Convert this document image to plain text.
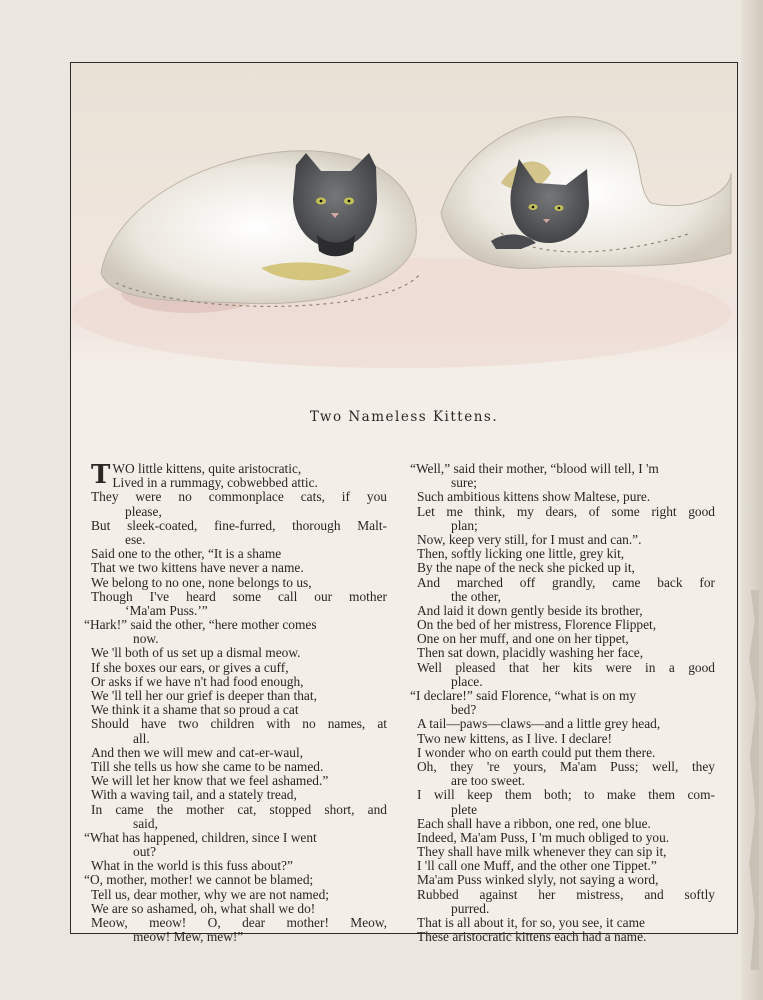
Two Nameless Kittens.
TWO little kittens, quite aristocratic,
Lived in a rummagy, cobwebbed attic.
They were no commonplace cats, if you
please,
But sleek-coated, fine-furred, thorough Malt-
ese.
Said one to the other, “It is a shame
That we two kittens have never a name.
We belong to no one, none belongs to us,
Though I've heard some call our mother
‘Ma'am Puss.’”
“Hark!” said the other, “here mother comes
now.
We 'll both of us set up a dismal meow.
If she boxes our ears, or gives a cuff,
Or asks if we have n't had food enough,
We 'll tell her our grief is deeper than that,
We think it a shame that so proud a cat
Should have two children with no names, at
all.
And then we will mew and cat-er-waul,
Till she tells us how she came to be named.
We will let her know that we feel ashamed.”
With a waving tail, and a stately tread,
In came the mother cat, stopped short, and
said,
“What has happened, children, since I went
out?
What in the world is this fuss about?”
“O, mother, mother! we cannot be blamed;
Tell us, dear mother, why we are not named;
We are so ashamed, oh, what shall we do!
Meow, meow! O, dear mother! Meow,
meow! Mew, mew!”
“Well,” said their mother, “blood will tell, I 'm
sure;
Such ambitious kittens show Maltese, pure.
Let me think, my dears, of some right good
plan;
Now, keep very still, for I must and can.”.
Then, softly licking one little, grey kit,
By the nape of the neck she picked up it,
And marched off grandly, came back for
the other,
And laid it down gently beside its brother,
On the bed of her mistress, Florence Flippet,
One on her muff, and one on her tippet,
Then sat down, placidly washing her face,
Well pleased that her kits were in a good
place.
“I declare!” said Florence, “what is on my
bed?
A tail—paws—claws—and a little grey head,
Two new kittens, as I live. I declare!
I wonder who on earth could put them there.
Oh, they 're yours, Ma'am Puss; well, they
are too sweet.
I will keep them both; to make them com-
plete
Each shall have a ribbon, one red, one blue.
Indeed, Ma'am Puss, I 'm much obliged to you.
They shall have milk whenever they can sip it,
I 'll call one Muff, and the other one Tippet.”
Ma'am Puss winked slyly, not saying a word,
Rubbed against her mistress, and softly
purred.
That is all about it, for so, you see, it came
These aristocratic kittens each had a name.
